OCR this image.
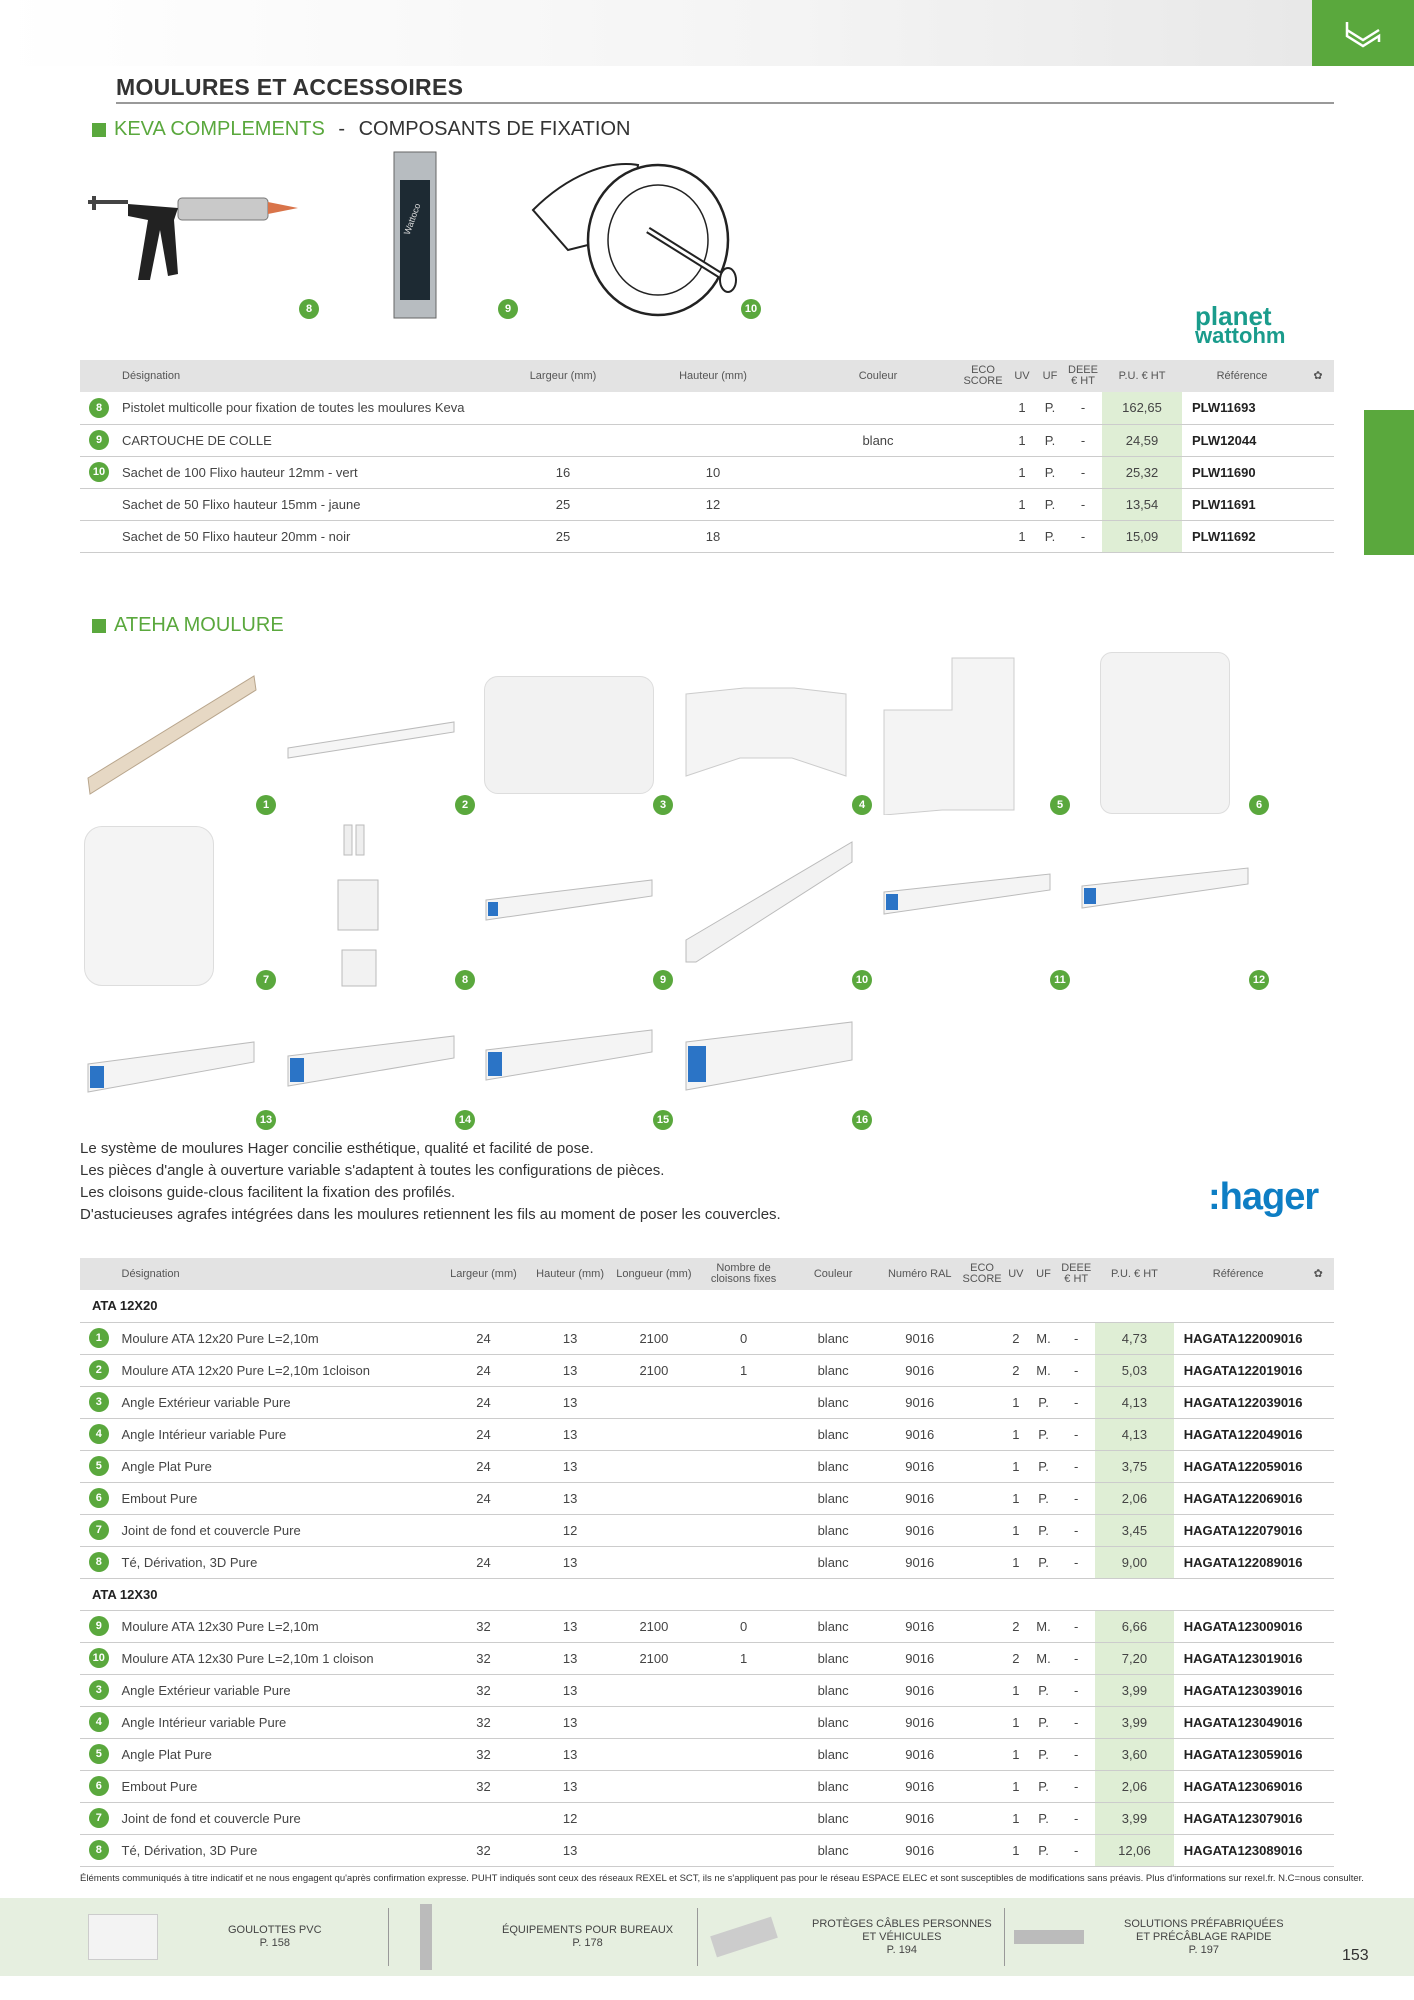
MOULURES ET ACCESSOIRES
KEVA COMPLEMENTS - COMPOSANTS DE FIXATION
Wattoco
8	9	10	planet
wattohm
	Désignation	Largeur (mm)	Hauteur (mm)	Couleur	ECO SCORE	UV	UF	DEEE € HT	P.U. € HT	Référence	✿
8	Pistolet multicolle pour fixation de toutes les moulures Keva					1	P.	-	162,65	PLW11693	
9	CARTOUCHE DE COLLE			blanc		1	P.	-	24,59	PLW12044	
10	Sachet de 100 Flixo hauteur 12mm - vert	16	10			1	P.	-	25,32	PLW11690	
	Sachet de 50 Flixo hauteur 15mm - jaune	25	12			1	P.	-	13,54	PLW11691	
	Sachet de 50 Flixo hauteur 20mm - noir	25	18			1	P.	-	15,09	PLW11692	
ATEHA MOULURE
1	2	3	4	5	6
7	8	9	10	11	12
13	14	15	16
Le système de moulures Hager concilie esthétique, qualité et facilité de pose.
Les pièces d'angle à ouverture variable s'adaptent à toutes les configurations de pièces.
Les cloisons guide-clous facilitent la fixation des profilés.
D'astucieuses agrafes intégrées dans les moulures retiennent les fils au moment de poser les couvercles.	:hager
	Désignation	Largeur (mm)	Hauteur (mm)	Longueur (mm)	Nombre de cloisons fixes	Couleur	Numéro RAL	ECO SCORE	UV	UF	DEEE € HT	P.U. € HT	Référence	✿
ATA 12X20														
1	Moulure ATA 12x20 Pure L=2,10m	24	13	2100	0	blanc	9016		2	M.	-	4,73	HAGATA122009016	
2	Moulure ATA 12x20 Pure L=2,10m 1cloison	24	13	2100	1	blanc	9016		2	M.	-	5,03	HAGATA122019016	
3	Angle Extérieur variable Pure	24	13			blanc	9016		1	P.	-	4,13	HAGATA122039016	
4	Angle Intérieur variable Pure	24	13			blanc	9016		1	P.	-	4,13	HAGATA122049016	
5	Angle Plat Pure	24	13			blanc	9016		1	P.	-	3,75	HAGATA122059016	
6	Embout Pure	24	13			blanc	9016		1	P.	-	2,06	HAGATA122069016	
7	Joint de fond et couvercle Pure		12			blanc	9016		1	P.	-	3,45	HAGATA122079016	
8	Té, Dérivation, 3D Pure	24	13			blanc	9016		1	P.	-	9,00	HAGATA122089016	
ATA 12X30														
9	Moulure ATA 12x30 Pure L=2,10m	32	13	2100	0	blanc	9016		2	M.	-	6,66	HAGATA123009016	
10	Moulure ATA 12x30 Pure L=2,10m 1 cloison	32	13	2100	1	blanc	9016		2	M.	-	7,20	HAGATA123019016	
3	Angle Extérieur variable Pure	32	13			blanc	9016		1	P.	-	3,99	HAGATA123039016	
4	Angle Intérieur variable Pure	32	13			blanc	9016		1	P.	-	3,99	HAGATA123049016	
5	Angle Plat Pure	32	13			blanc	9016		1	P.	-	3,60	HAGATA123059016	
6	Embout Pure	32	13			blanc	9016		1	P.	-	2,06	HAGATA123069016	
7	Joint de fond et couvercle Pure		12			blanc	9016		1	P.	-	3,99	HAGATA123079016	
8	Té, Dérivation, 3D Pure	32	13			blanc	9016		1	P.	-	12,06	HAGATA123089016	
Éléments communiqués à titre indicatif et ne nous engagent qu'après confirmation expresse. PUHT indiqués sont ceux des réseaux REXEL et SCT, ils ne s'appliquent pas pour le réseau ESPACE ELEC et sont susceptibles de modifications sans préavis. Plus d'informations sur rexel.fr. N.C=nous consulter.
GOULOTTES PVC
P. 158
ÉQUIPEMENTS POUR BUREAUX
P. 178
PROTÈGES CÂBLES PERSONNES
ET VÉHICULES
P. 194
SOLUTIONS PRÉFABRIQUÉES
ET PRÉCÂBLAGE RAPIDE
P. 197	153
